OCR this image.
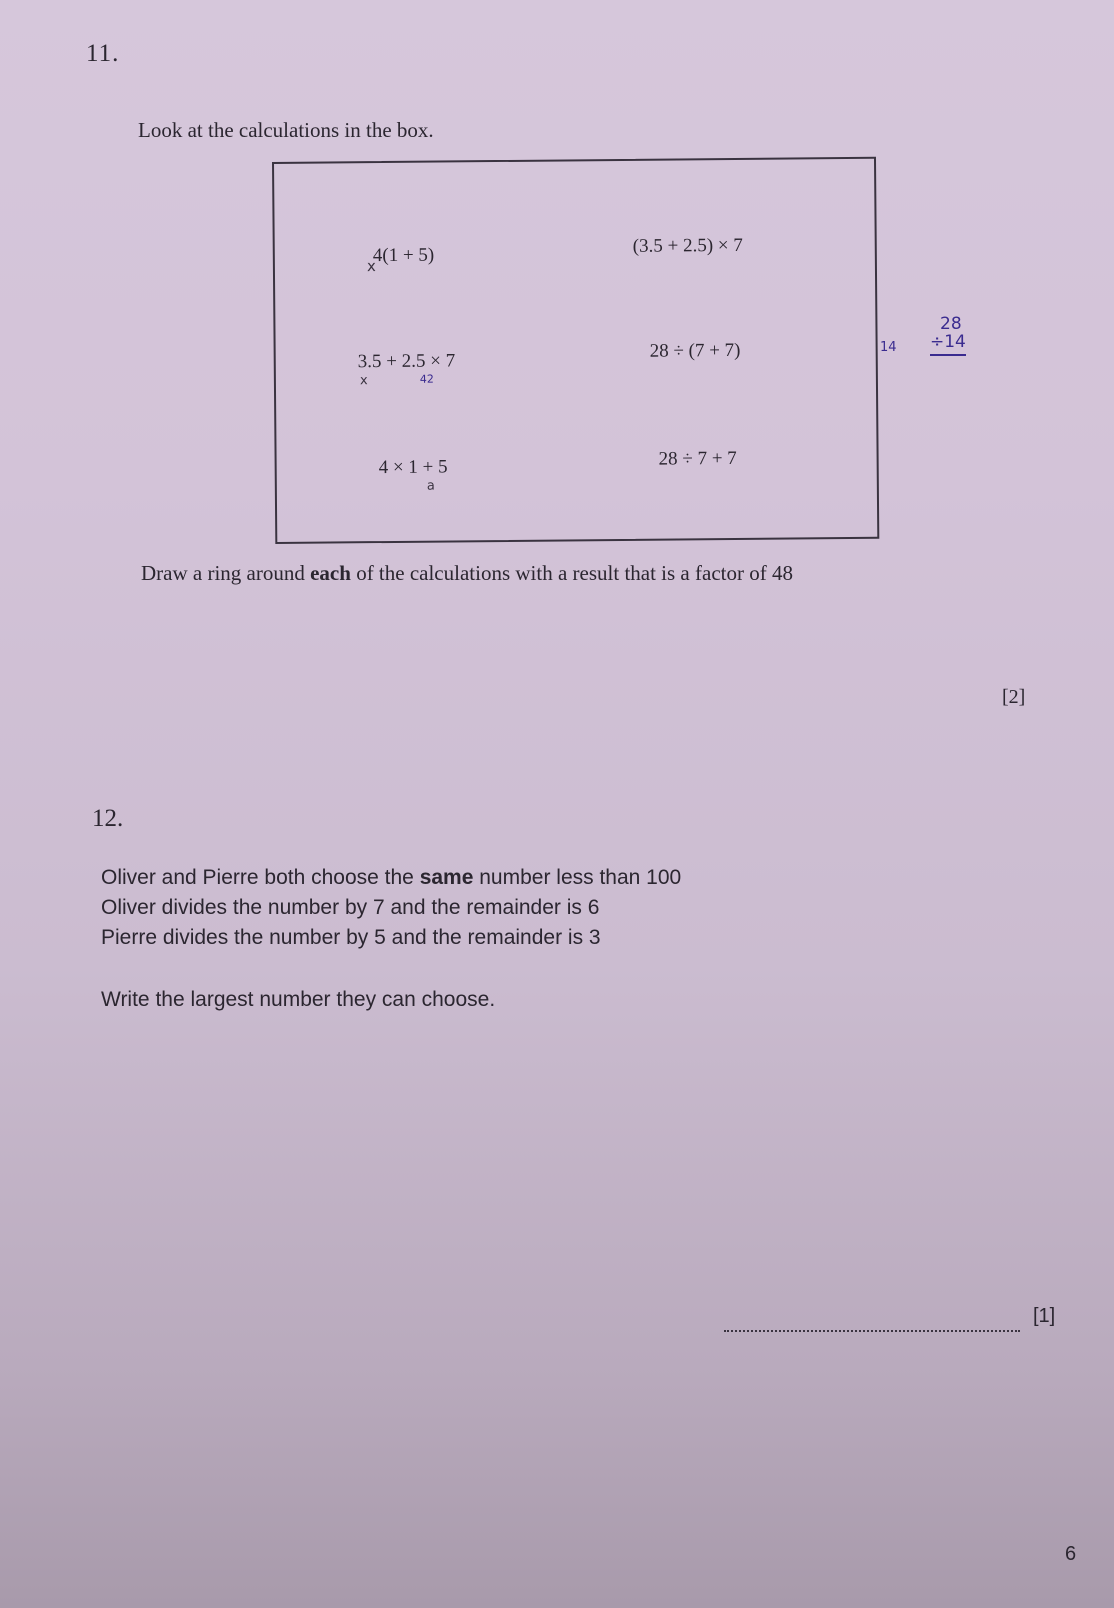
11.
Look at the calculations in the box.
4(1 + 5)	(3.5 + 2.5) × 7
3.5 + 2.5 × 7	28 ÷ (7 + 7)
4 × 1 + 5	28 ÷ 7 + 7
x
x	42
a
14
28
÷14
Draw a ring around each of the calculations with a result that is a factor of 48
[2]
12.
Oliver and Pierre both choose the same number less than 100
Oliver divides the number by 7 and the remainder is 6
Pierre divides the number by 5 and the remainder is 3
Write the largest number they can choose.
[1]
6
